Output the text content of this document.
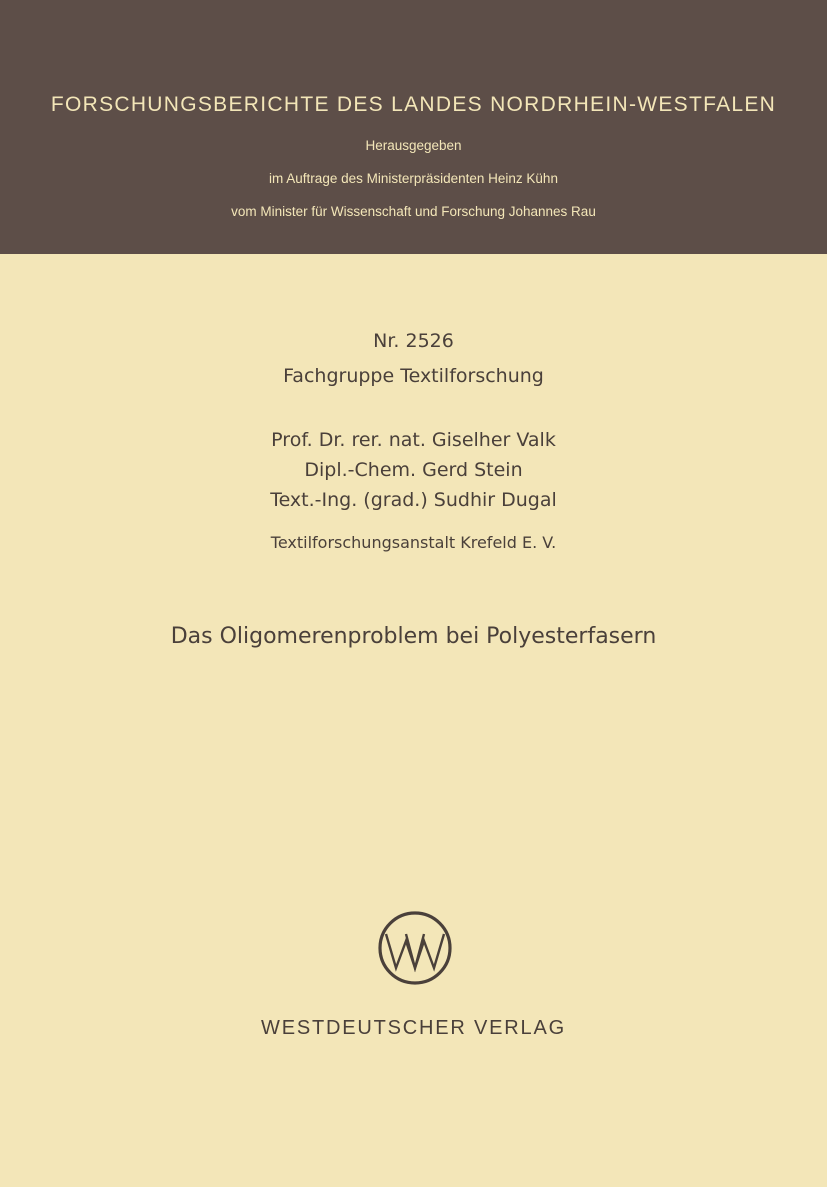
FORSCHUNGSBERICHTE DES LANDES NORDRHEIN-WESTFALEN
Herausgegeben
im Auftrage des Ministerpräsidenten Heinz Kühn
vom Minister für Wissenschaft und Forschung Johannes Rau
Nr. 2526
Fachgruppe Textilforschung
Prof. Dr. rer. nat. Giselher Valk
Dipl.-Chem. Gerd Stein
Text.-Ing. (grad.) Sudhir Dugal
Textilforschungsanstalt Krefeld E. V.
Das Oligomerenproblem bei Polyesterfasern
WESTDEUTSCHER VERLAG
